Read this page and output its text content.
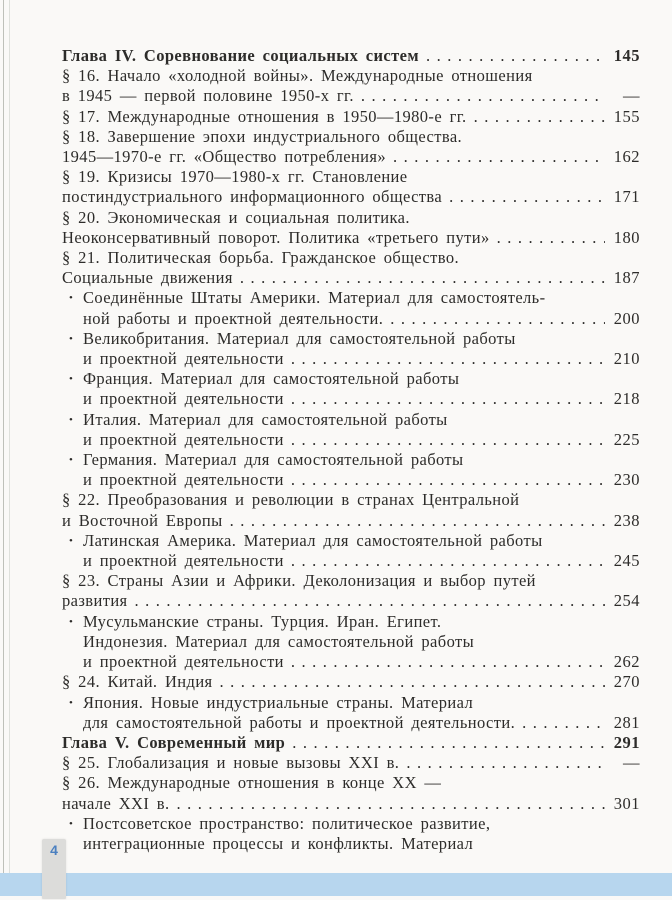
Глава IV. Соревнование социальных систем .....	145
§ 16. Начало «холодной войны». Международные отношения
в 1945 — первой половине 1950-х гг. .....	—
§ 17. Международные отношения в 1950—1980-е гг. .....	155
§ 18. Завершение эпохи индустриального общества.
1945—1970-е гг. «Общество потребления» .....	162
§ 19. Кризисы 1970—1980-х гг. Становление
постиндустриального информационного общества .....	171
§ 20. Экономическая и социальная политика.
Неоконсервативный поворот. Политика «третьего пути» .....	180
§ 21. Политическая борьба. Гражданское общество.
Социальные движения .....	187
• Соединённые Штаты Америки. Материал для самостоятель-
ной работы и проектной деятельности. .....	200
• Великобритания. Материал для самостоятельной работы
и проектной деятельности .....	210
• Франция. Материал для самостоятельной работы
и проектной деятельности .....	218
• Италия. Материал для самостоятельной работы
и проектной деятельности .....	225
• Германия. Материал для самостоятельной работы
и проектной деятельности .....	230
§ 22. Преобразования и революции в странах Центральной
и Восточной Европы .....	238
• Латинская Америка. Материал для самостоятельной работы
и проектной деятельности .....	245
§ 23. Страны Азии и Африки. Деколонизация и выбор путей
развития .....	254
• Мусульманские страны. Турция. Иран. Египет.
Индонезия. Материал для самостоятельной работы
и проектной деятельности .....	262
§ 24. Китай. Индия .....	270
• Япония. Новые индустриальные страны. Материал
для самостоятельной работы и проектной деятельности. .....	281
Глава V. Современный мир .....	291
§ 25. Глобализация и новые вызовы XXI в. .....	—
§ 26. Международные отношения в конце XX —
начале XXI в. .....	301
• Постсоветское пространство: политическое развитие,
интеграционные процессы и конфликты. Материал
4
